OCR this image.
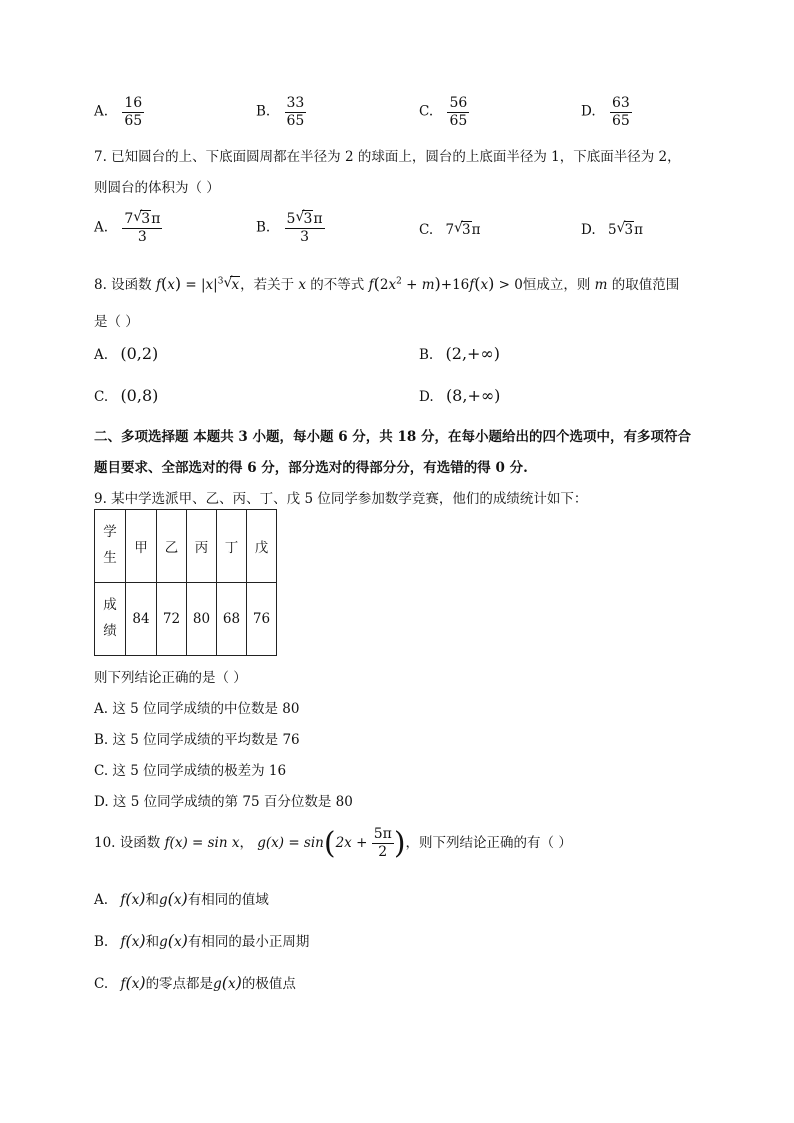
A. $\frac{16}{65}$	B. $\frac{33}{65}$	C. $\frac{56}{65}$	D. $\frac{63}{65}$
7. 已知圆台的上、下底面圆周都在半径为 2 的球面上，圆台的上底面半径为 1，下底面半径为 2，
则圆台的体积为（ ）
A. $\frac{7 √ 3\pi}{3}$	B. $\frac{5 √ 3\pi}{3}$	C. 7 √ 3π	D. 5 √ 3π
8. 设函数 $f(x) = |x|^3$ √ x，若关于 x 的不等式 $f(2x^2 + m)+16f(x) > 0$恒成立，则 m 的取值范围
是（ ）
A. (0,2)	B. (2,+∞)
C. (0,8)	D. (8,+∞)
二、多项选择题 本题共 3 小题，每小题 6 分，共 18 分，在每小题给出的四个选项中，有多项符合
题目要求、全部选对的得 6 分，部分选对的得部分分，有选错的得 0 分.
9. 某中学选派甲、乙、丙、丁、戊 5 位同学参加数学竞赛，他们的成绩统计如下：
学
生	甲	乙	丙	丁	戊
成
绩	84	72	80	68	76
则下列结论正确的是（ ）
A. 这 5 位同学成绩的中位数是 80
B. 这 5 位同学成绩的平均数是 76
C. 这 5 位同学成绩的极差为 16
D. 这 5 位同学成绩的第 75 百分位数是 80
10. 设函数 f(x) = sin x， $g(x) = \sin(2x + \frac{5\pi}{2}$ )，则下列结论正确的有（ ）
A. f(x)和g(x)有相同的值域
B. f(x)和g(x)有相同的最小正周期
C. f(x)的零点都是g(x)的极值点
